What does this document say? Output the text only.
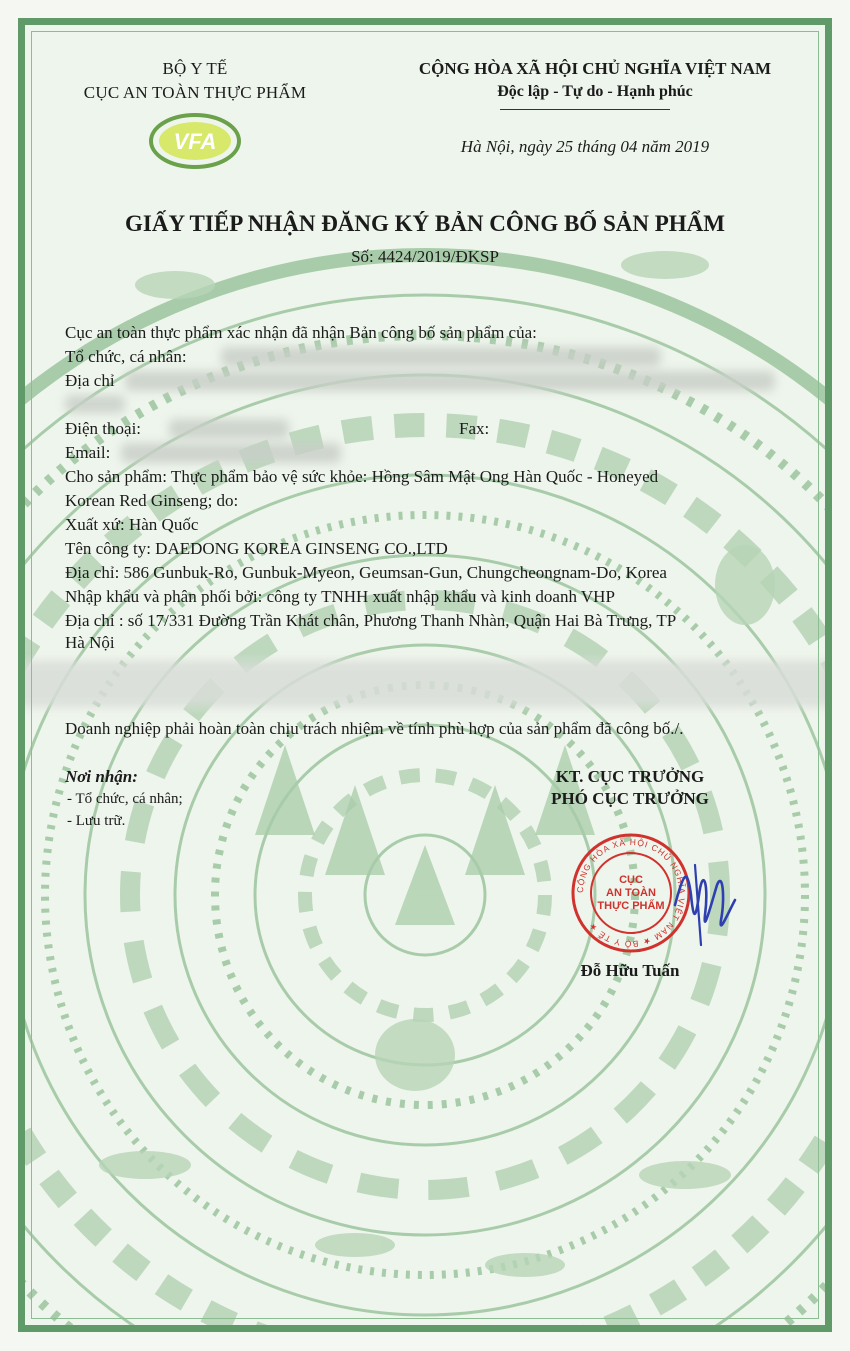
BỘ Y TẾ
CỤC AN TOÀN THỰC PHẨM
VFA
CỘNG HÒA XÃ HỘI CHỦ NGHĨA VIỆT NAM
Độc lập - Tự do - Hạnh phúc
Hà Nội, ngày 25 tháng 04 năm 2019
GIẤY TIẾP NHẬN ĐĂNG KÝ BẢN CÔNG BỐ SẢN PHẨM
Số: 4424/2019/ĐKSP
Cục an toàn thực phẩm xác nhận đã nhận Bản công bố sản phẩm của:
Tổ chức, cá nhân:
Địa chỉ
Điện thoại:	Fax:
Email:
Cho sản phẩm: Thực phẩm bảo vệ sức khỏe: Hồng Sâm Mật Ong Hàn Quốc - Honeyed
Korean Red Ginseng; do:
Xuất xứ: Hàn Quốc
Tên công ty: DAEDONG KOREA GINSENG CO.,LTD
Địa chỉ: 586 Gunbuk-Ro, Gunbuk-Myeon, Geumsan-Gun, Chungcheongnam-Do, Korea
Nhập khẩu và phân phối bởi: công ty TNHH xuất nhập khẩu và kinh doanh VHP
Địa chỉ : số 17/331 Đường Trần Khát chân, Phương Thanh Nhàn, Quận Hai Bà Trưng, TP
Hà Nội
Doanh nghiệp phải hoàn toàn chịu trách nhiệm về tính phù hợp của sản phẩm đã công bố./.
Nơi nhận:
- Tổ chức, cá nhân;
- Lưu trữ.
KT. CỤC TRƯỞNG
PHÓ CỤC TRƯỞNG
CỘNG HÒA XÃ HỘI CHỦ NGHĨA VIỆT NAM ★ BỘ Y TẾ ★
CỤC AN TOÀN THỰC PHẨM
Đỗ Hữu Tuấn
